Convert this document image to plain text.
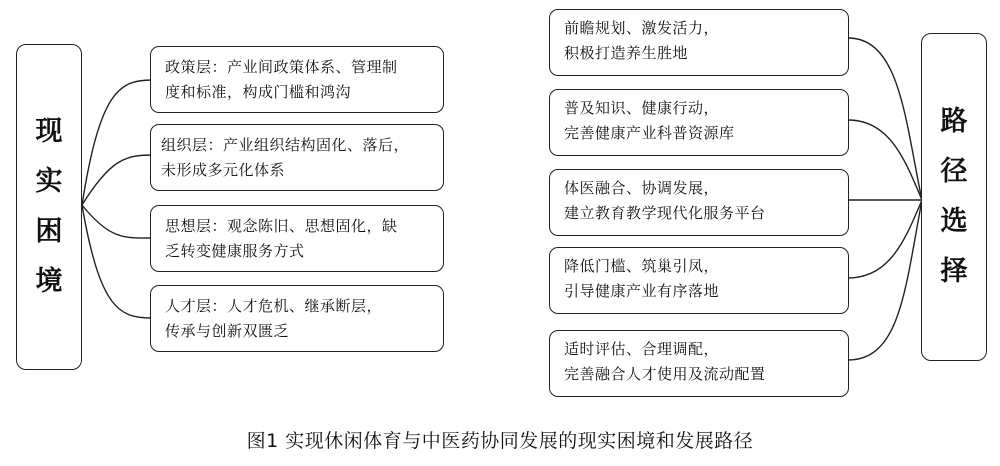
现
实
困
境
政策层：产业间政策体系、管理制
度和标准，构成门槛和鸿沟
组织层：产业组织结构固化、落后，
未形成多元化体系
思想层：观念陈旧、思想固化，缺
乏转变健康服务方式
人才层：人才危机、继承断层，
传承与创新双匮乏
前瞻规划、激发活力，
积极打造养生胜地
普及知识、健康行动，
完善健康产业科普资源库
体医融合、协调发展，
建立教育教学现代化服务平台
降低门槛、筑巢引凤，
引导健康产业有序落地
适时评估、合理调配，
完善融合人才使用及流动配置
路
径
选
择
图1 实现休闲体育与中医药协同发展的现实困境和发展路径
